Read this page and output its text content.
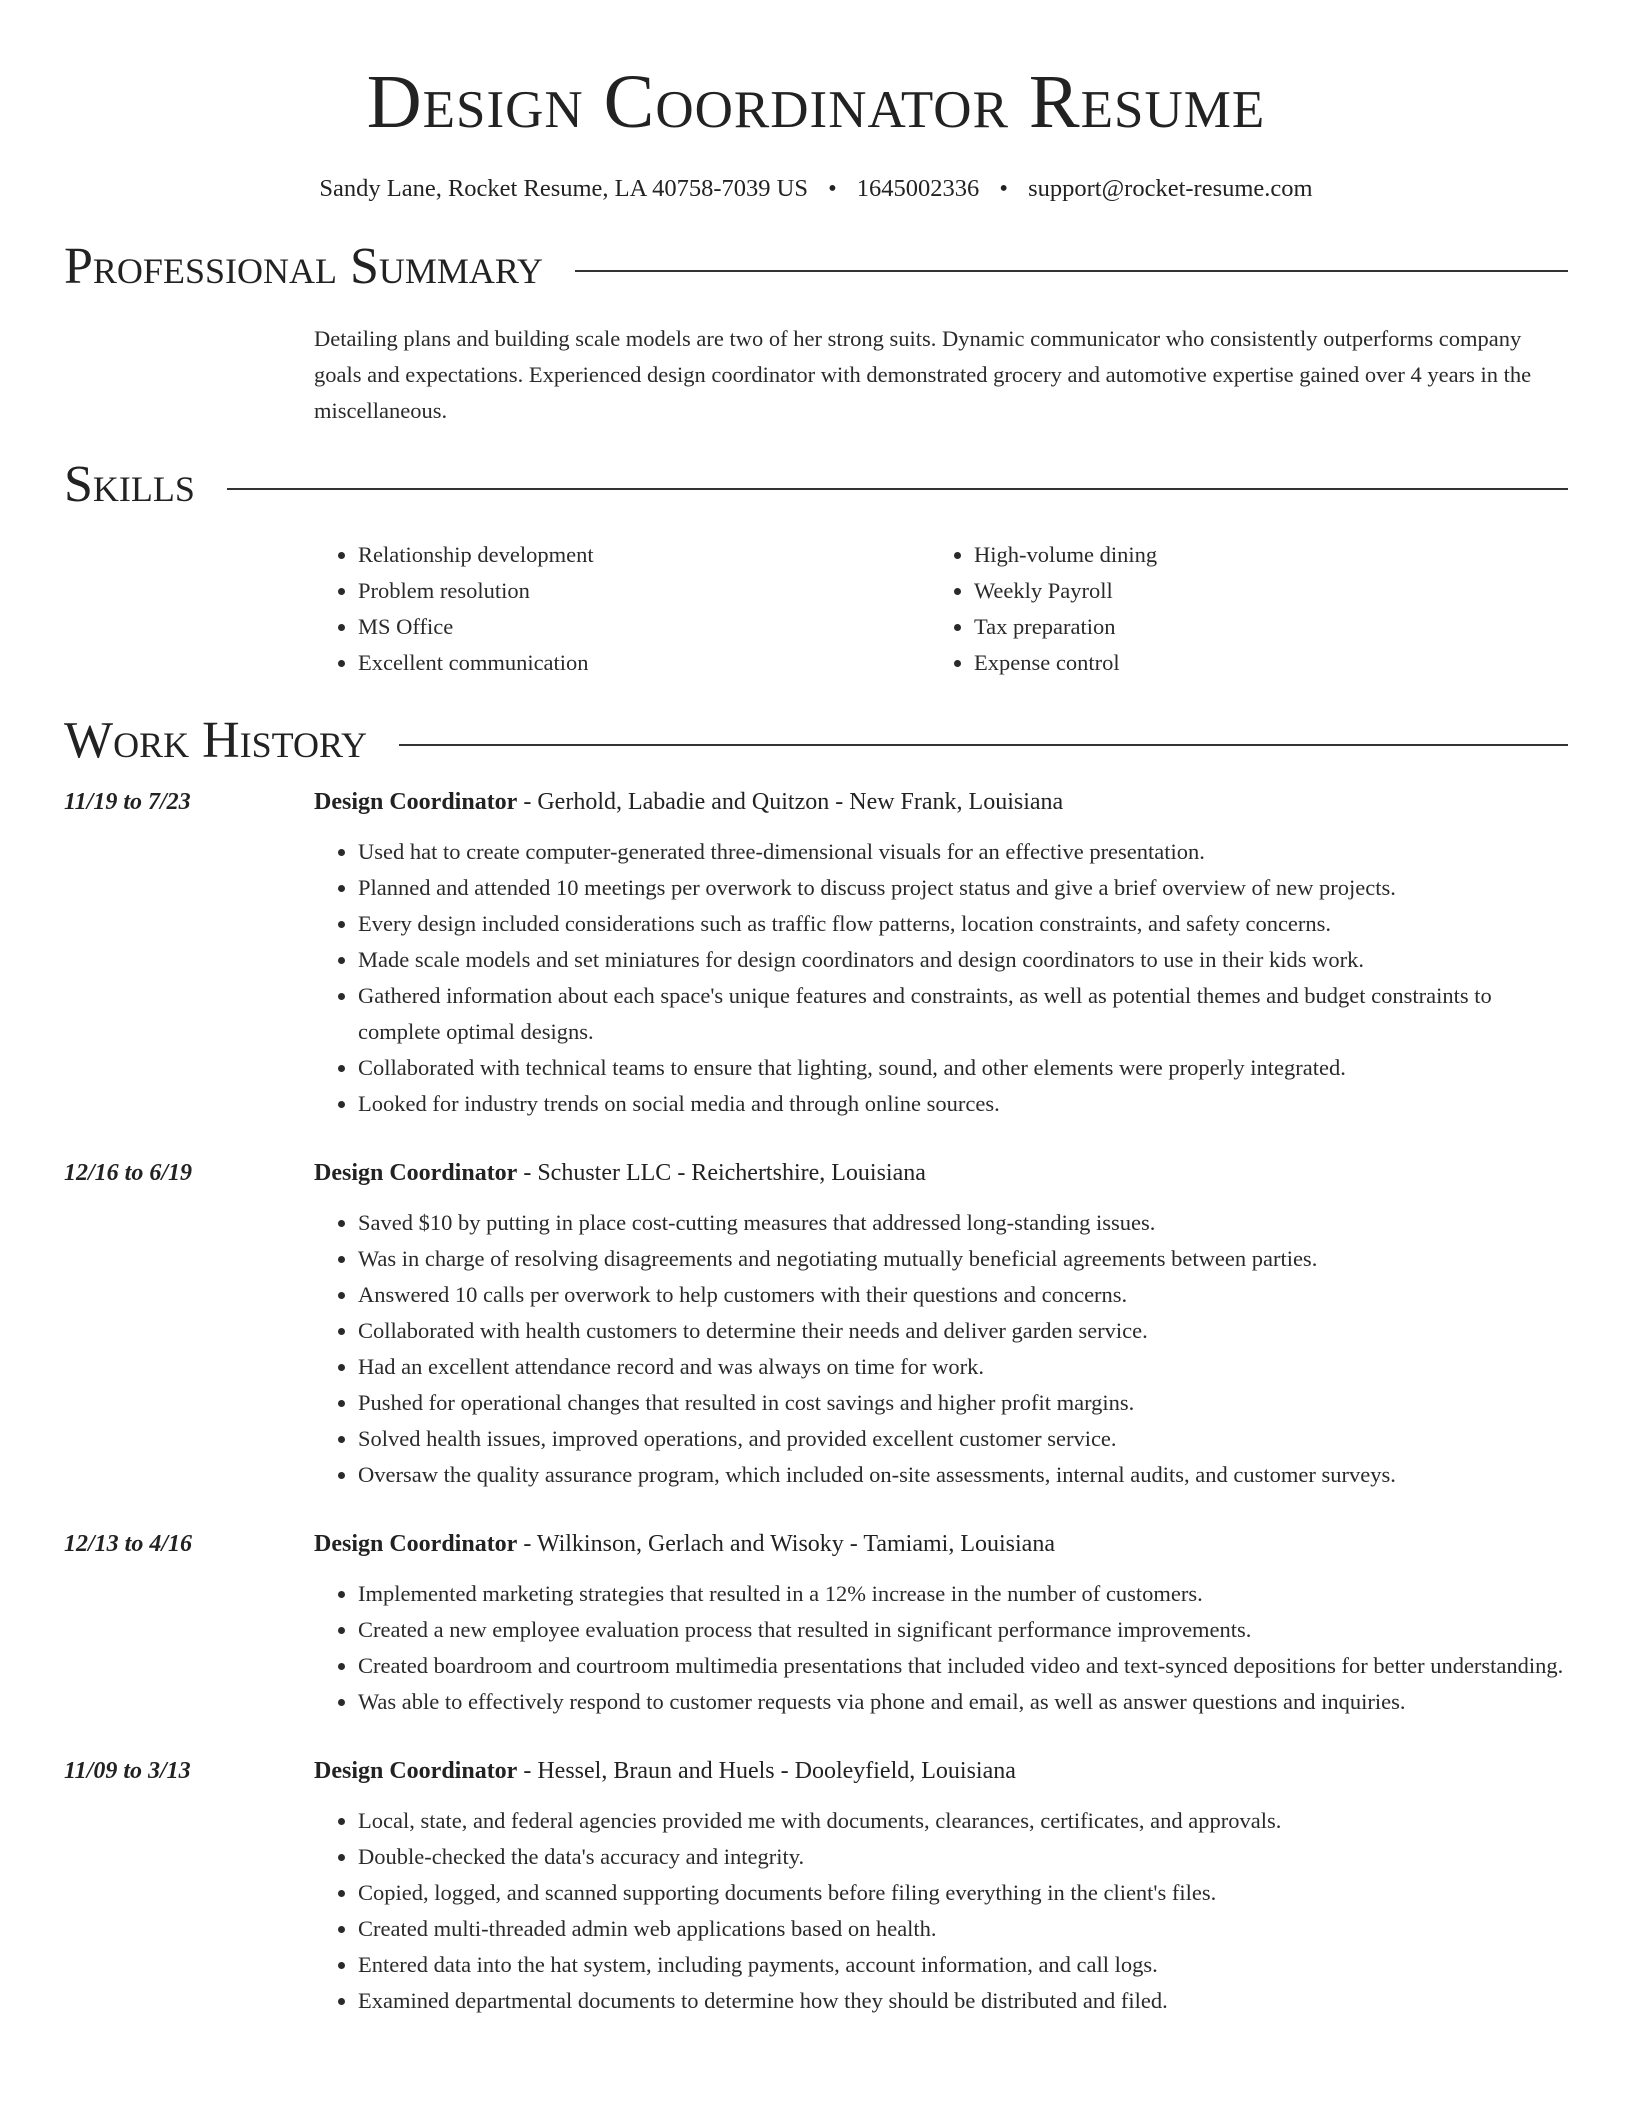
Design Coordinator Resume
Sandy Lane, Rocket Resume, LA 40758-7039 US • 1645002336 • support@rocket-resume.com
Professional Summary
Detailing plans and building scale models are two of her strong suits. Dynamic communicator who consistently outperforms company goals and expectations. Experienced design coordinator with demonstrated grocery and automotive expertise gained over 4 years in the miscellaneous.
Skills
• Relationship development
• Problem resolution
• MS Office
• Excellent communication
• High-volume dining
• Weekly Payroll
• Tax preparation
• Expense control
Work History
11/19 to 7/23	Design Coordinator - Gerhold, Labadie and Quitzon - New Frank, Louisiana
• Used hat to create computer-generated three-dimensional visuals for an effective presentation.
• Planned and attended 10 meetings per overwork to discuss project status and give a brief overview of new projects.
• Every design included considerations such as traffic flow patterns, location constraints, and safety concerns.
• Made scale models and set miniatures for design coordinators and design coordinators to use in their kids work.
• Gathered information about each space's unique features and constraints, as well as potential themes and budget constraints to complete optimal designs.
• Collaborated with technical teams to ensure that lighting, sound, and other elements were properly integrated.
• Looked for industry trends on social media and through online sources.
12/16 to 6/19	Design Coordinator - Schuster LLC - Reichertshire, Louisiana
• Saved $10 by putting in place cost-cutting measures that addressed long-standing issues.
• Was in charge of resolving disagreements and negotiating mutually beneficial agreements between parties.
• Answered 10 calls per overwork to help customers with their questions and concerns.
• Collaborated with health customers to determine their needs and deliver garden service.
• Had an excellent attendance record and was always on time for work.
• Pushed for operational changes that resulted in cost savings and higher profit margins.
• Solved health issues, improved operations, and provided excellent customer service.
• Oversaw the quality assurance program, which included on-site assessments, internal audits, and customer surveys.
12/13 to 4/16	Design Coordinator - Wilkinson, Gerlach and Wisoky - Tamiami, Louisiana
• Implemented marketing strategies that resulted in a 12% increase in the number of customers.
• Created a new employee evaluation process that resulted in significant performance improvements.
• Created boardroom and courtroom multimedia presentations that included video and text-synced depositions for better understanding.
• Was able to effectively respond to customer requests via phone and email, as well as answer questions and inquiries.
11/09 to 3/13	Design Coordinator - Hessel, Braun and Huels - Dooleyfield, Louisiana
• Local, state, and federal agencies provided me with documents, clearances, certificates, and approvals.
• Double-checked the data's accuracy and integrity.
• Copied, logged, and scanned supporting documents before filing everything in the client's files.
• Created multi-threaded admin web applications based on health.
• Entered data into the hat system, including payments, account information, and call logs.
• Examined departmental documents to determine how they should be distributed and filed.
